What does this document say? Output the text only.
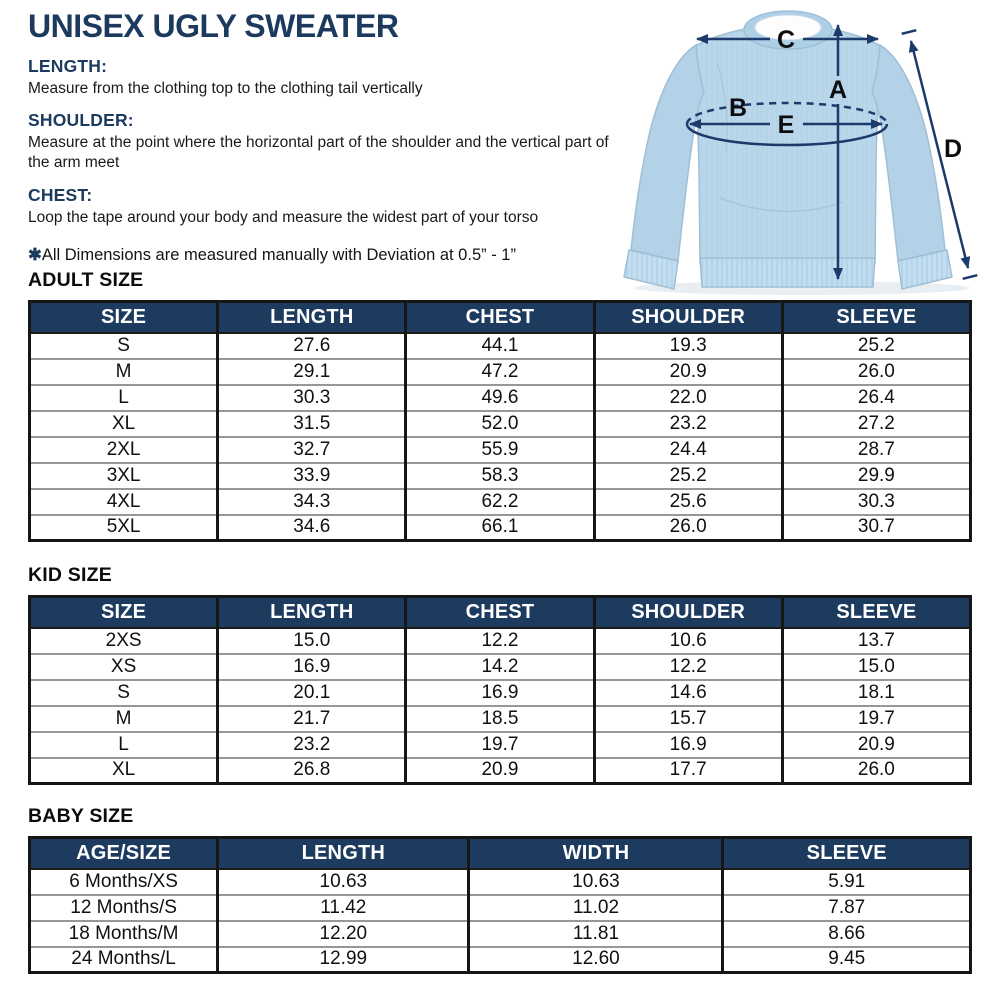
UNISEX UGLY SWEATER
LENGTH:
Measure from the clothing top to the clothing tail vertically
SHOULDER:
Measure at the point where the horizontal part of the shoulder and the vertical part of the arm meet
CHEST:
Loop the tape around your body and measure the widest part of your torso
✱All Dimensions are measured manually with Deviation at 0.5” - 1”
C
A
B
E
D
ADULT SIZE
SIZE	LENGTH	CHEST	SHOULDER	SLEEVE
S	27.6	44.1	19.3	25.2
M	29.1	47.2	20.9	26.0
L	30.3	49.6	22.0	26.4
XL	31.5	52.0	23.2	27.2
2XL	32.7	55.9	24.4	28.7
3XL	33.9	58.3	25.2	29.9
4XL	34.3	62.2	25.6	30.3
5XL	34.6	66.1	26.0	30.7
KID SIZE
SIZE	LENGTH	CHEST	SHOULDER	SLEEVE
2XS	15.0	12.2	10.6	13.7
XS	16.9	14.2	12.2	15.0
S	20.1	16.9	14.6	18.1
M	21.7	18.5	15.7	19.7
L	23.2	19.7	16.9	20.9
XL	26.8	20.9	17.7	26.0
BABY SIZE
AGE/SIZE	LENGTH	WIDTH	SLEEVE
6 Months/XS	10.63	10.63	5.91
12 Months/S	11.42	11.02	7.87
18 Months/M	12.20	11.81	8.66
24 Months/L	12.99	12.60	9.45
